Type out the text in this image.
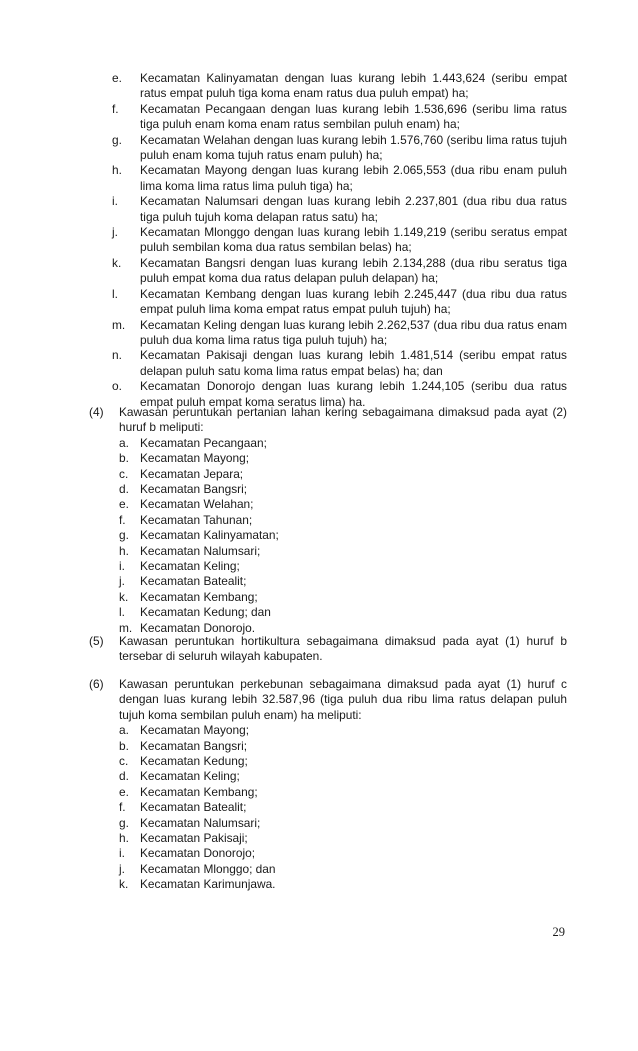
e. Kecamatan Kalinyamatan dengan luas kurang lebih 1.443,624 (seribu empat ratus empat puluh tiga koma enam ratus dua puluh empat) ha;
f. Kecamatan Pecangaan dengan luas kurang lebih 1.536,696 (seribu lima ratus tiga puluh enam koma enam ratus sembilan puluh enam) ha;
g. Kecamatan Welahan dengan luas kurang lebih 1.576,760 (seribu lima ratus tujuh puluh enam koma tujuh ratus enam puluh) ha;
h. Kecamatan Mayong dengan luas kurang lebih 2.065,553 (dua ribu enam puluh lima koma lima ratus lima puluh tiga) ha;
i. Kecamatan Nalumsari dengan luas kurang lebih 2.237,801 (dua ribu dua ratus tiga puluh tujuh koma delapan ratus satu) ha;
j. Kecamatan Mlonggo dengan luas kurang lebih 1.149,219 (seribu seratus empat puluh sembilan koma dua ratus sembilan belas) ha;
k. Kecamatan Bangsri dengan luas kurang lebih 2.134,288 (dua ribu seratus tiga puluh empat koma dua ratus delapan puluh delapan) ha;
l. Kecamatan Kembang dengan luas kurang lebih 2.245,447 (dua ribu dua ratus empat puluh lima koma empat ratus empat puluh tujuh) ha;
m. Kecamatan Keling dengan luas kurang lebih 2.262,537 (dua ribu dua ratus enam puluh dua koma lima ratus tiga puluh tujuh) ha;
n. Kecamatan Pakisaji dengan luas kurang lebih 1.481,514 (seribu empat ratus delapan puluh satu koma lima ratus empat belas) ha; dan
o. Kecamatan Donorojo dengan luas kurang lebih 1.244,105 (seribu dua ratus empat puluh empat koma seratus lima) ha.
(4) Kawasan peruntukan pertanian lahan kering sebagaimana dimaksud pada ayat (2) huruf b meliputi:
a. Kecamatan Pecangaan;
b. Kecamatan Mayong;
c. Kecamatan Jepara;
d. Kecamatan Bangsri;
e. Kecamatan Welahan;
f. Kecamatan Tahunan;
g. Kecamatan Kalinyamatan;
h. Kecamatan Nalumsari;
i. Kecamatan Keling;
j. Kecamatan Batealit;
k. Kecamatan Kembang;
l. Kecamatan Kedung; dan
m. Kecamatan Donorojo.
(5) Kawasan peruntukan hortikultura sebagaimana dimaksud pada ayat (1) huruf b tersebar di seluruh wilayah kabupaten.
(6) Kawasan peruntukan perkebunan sebagaimana dimaksud pada ayat (1) huruf c dengan luas kurang lebih 32.587,96 (tiga puluh dua ribu lima ratus delapan puluh tujuh koma sembilan puluh enam) ha meliputi:
a. Kecamatan Mayong;
b. Kecamatan Bangsri;
c. Kecamatan Kedung;
d. Kecamatan Keling;
e. Kecamatan Kembang;
f. Kecamatan Batealit;
g. Kecamatan Nalumsari;
h. Kecamatan Pakisaji;
i. Kecamatan Donorojo;
j. Kecamatan Mlonggo; dan
k. Kecamatan Karimunjawa.
29
